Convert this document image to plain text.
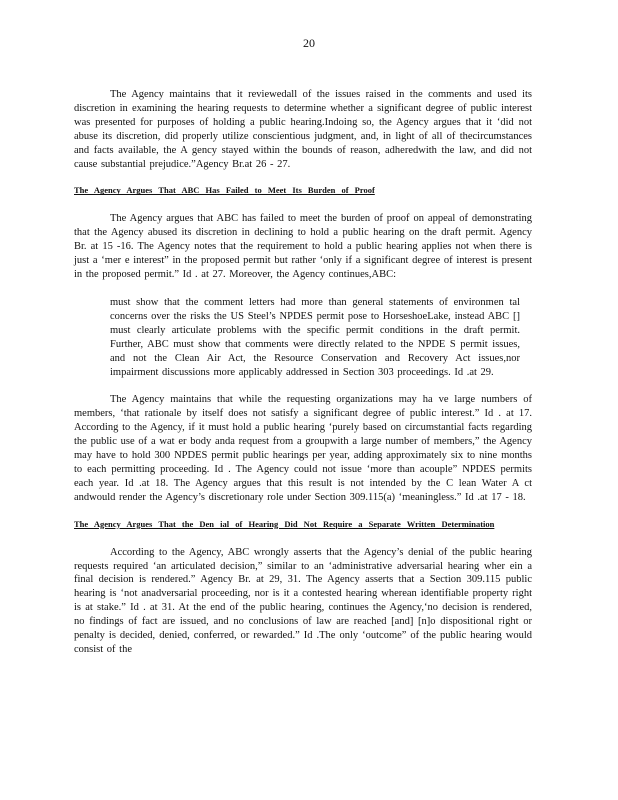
20

The Agency maintains that it reviewedall of the issues raised in the comments and used its discretion in examining the hearing requests to determine whether a significant degree of public interest was presented for purposes of holding a public hearing.Indoing so, the Agency argues that it ‘did not abuse its discretion, did properly utilize conscientious judgment, and, in light of all of thecircumstances and facts available, the A gency stayed within the bounds of reason, adheredwith the law, and did not cause substantial prejudice.”Agency Br.at 26 - 27.

The Agency Argues That ABC Has Failed to Meet Its Burden of Proof

The Agency argues that ABC has failed to meet the burden of proof on appeal of demonstrating that the Agency abused its discretion in declining to hold a public hearing on the draft permit. Agency Br. at 15 -16. The Agency notes that the requirement to hold a public hearing applies not when there is just a ‘mer e interest” in the proposed permit but rather ‘only if a significant degree of interest is present in the proposed permit.” Id . at 27. Moreover, the Agency continues,ABC:

must show that the comment letters had more than general statements of environmen tal concerns over the risks the US Steel’s NPDES permit pose to HorseshoeLake, instead ABC [] must clearly articulate problems with the specific permit conditions in the draft permit. Further, ABC must show that comments were directly related to the NPDE S permit issues, and not the Clean Air Act, the Resource Conservation and Recovery Act issues,nor impairment discussions more applicably addressed in Section 303 proceedings. Id .at 29.

The Agency maintains that while the requesting organizations may ha ve large numbers of members, ‘that rationale by itself does not satisfy a significant degree of public interest.” Id . at 17. According to the Agency, if it must hold a public hearing ‘purely based on circumstantial facts regarding the public use of a wat er body anda request from a groupwith a large number of members,” the Agency may have to hold 300 NPDES permit public hearings per year, adding approximately six to nine months to each permitting proceeding. Id . The Agency could not issue ‘more than acouple” NPDES permits each year. Id .at 18. The Agency argues that this result is not intended by the C lean Water A ct andwould render the Agency’s discretionary role under Section 309.115(a) ‘meaningless.” Id .at 17 - 18.

The Agency Argues That the Den ial of Hearing Did Not Require a Separate Written Determination

According to the Agency, ABC wrongly asserts that the Agency’s denial of the public hearing requests required ‘an articulated decision,” similar to an ‘administrative adversarial hearing wher ein a final decision is rendered.” Agency Br. at 29, 31. The Agency asserts that a Section 309.115 public hearing is ‘not anadversarial proceeding, nor is it a contested hearing wherean identifiable property right is at stake.” Id . at 31. At the end of the public hearing, continues the Agency,‘no decision is rendered, no findings of fact are issued, and no conclusions of law are reached [and] [n]o dispositional right or penalty is decided, denied, conferred, or rewarded.” Id .The only ‘outcome” of the public hearing would consist of the
